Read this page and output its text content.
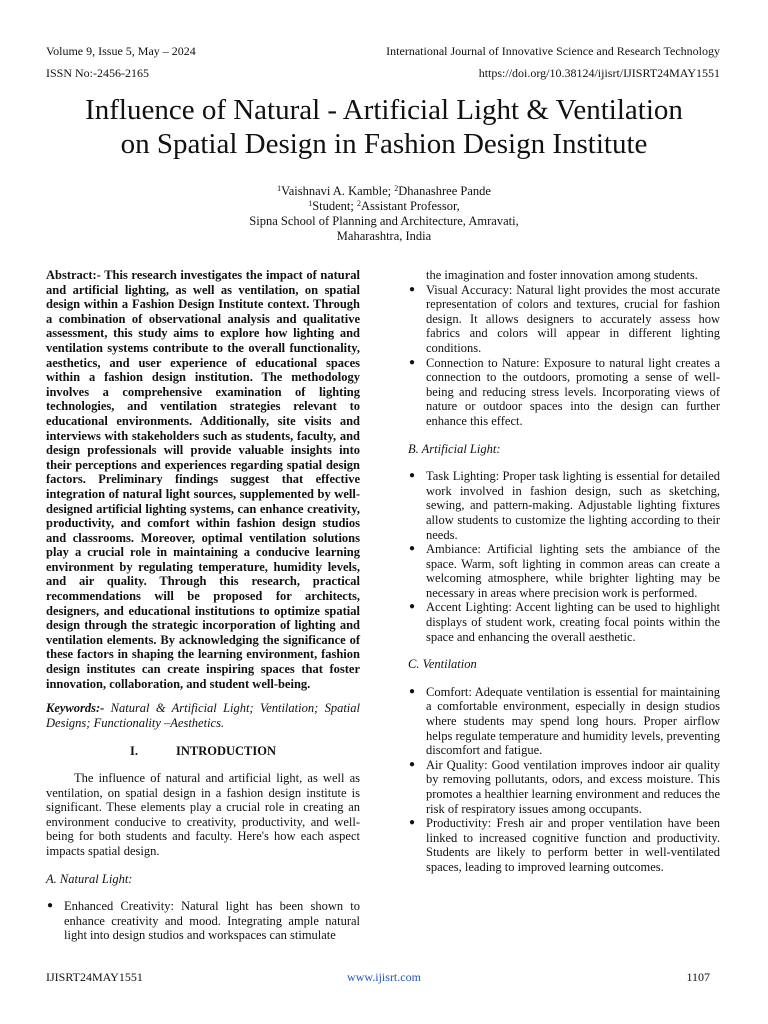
Volume 9, Issue 5, May – 2024	International Journal of Innovative Science and Research Technology
ISSN No:-2456-2165	https://doi.org/10.38124/ijisrt/IJISRT24MAY1551
Influence of Natural - Artificial Light & Ventilation
on Spatial Design in Fashion Design Institute
$^1$Vaishnavi A. Kamble; $^2$Dhanashree Pande
$^1$Student; $^2$Assistant Professor,
Sipna School of Planning and Architecture, Amravati,
Maharashtra, India

Abstract:- This research investigates the impact of natural and artificial lighting, as well as ventilation, on spatial design within a Fashion Design Institute context. Through a combination of observational analysis and qualitative assessment, this study aims to explore how lighting and ventilation systems contribute to the overall functionality, aesthetics, and user experience of educational spaces within a fashion design institution. The methodology involves a comprehensive examination of lighting technologies, and ventilation strategies relevant to educational environments. Additionally, site visits and interviews with stakeholders such as students, faculty, and design professionals will provide valuable insights into their perceptions and experiences regarding spatial design factors. Preliminary findings suggest that effective integration of natural light sources, supplemented by well-designed artificial lighting systems, can enhance creativity, productivity, and comfort within fashion design studios and classrooms. Moreover, optimal ventilation solutions play a crucial role in maintaining a conducive learning environment by regulating temperature, humidity levels, and air quality. Through this research, practical recommendations will be proposed for architects, designers, and educational institutions to optimize spatial design through the strategic incorporation of lighting and ventilation elements. By acknowledging the significance of these factors in shaping the learning environment, fashion design institutes can create inspiring spaces that foster innovation, collaboration, and student well-being.

Keywords:- Natural & Artificial Light; Ventilation; Spatial Designs; Functionality –Aesthetics.

I.	INTRODUCTION

The influence of natural and artificial light, as well as ventilation, on spatial design in a fashion design institute is significant. These elements play a crucial role in creating an environment conducive to creativity, productivity, and well- being for both students and faculty. Here's how each aspect impacts spatial design.

A. Natural Light:
● Enhanced Creativity: Natural light has been shown to enhance creativity and mood. Integrating ample natural light into design studios and workspaces can stimulate
the imagination and foster innovation among students.
● Visual Accuracy: Natural light provides the most accurate representation of colors and textures, crucial for fashion design. It allows designers to accurately assess how fabrics and colors will appear in different lighting conditions.
● Connection to Nature: Exposure to natural light creates a connection to the outdoors, promoting a sense of well-being and reducing stress levels. Incorporating views of nature or outdoor spaces into the design can further enhance this effect.
B. Artificial Light:
● Task Lighting: Proper task lighting is essential for detailed work involved in fashion design, such as sketching, sewing, and pattern-making. Adjustable lighting fixtures allow students to customize the lighting according to their needs.
● Ambiance: Artificial lighting sets the ambiance of the space. Warm, soft lighting in common areas can create a welcoming atmosphere, while brighter lighting may be necessary in areas where precision work is performed.
● Accent Lighting: Accent lighting can be used to highlight displays of student work, creating focal points within the space and enhancing the overall aesthetic.
C. Ventilation
● Comfort: Adequate ventilation is essential for maintaining a comfortable environment, especially in design studios where students may spend long hours. Proper airflow helps regulate temperature and humidity levels, preventing discomfort and fatigue.
● Air Quality: Good ventilation improves indoor air quality by removing pollutants, odors, and excess moisture. This promotes a healthier learning environment and reduces the risk of respiratory issues among occupants.
● Productivity: Fresh air and proper ventilation have been linked to increased cognitive function and productivity. Students are likely to perform better in well-ventilated spaces, leading to improved learning outcomes.
IJISRT24MAY1551	www.ijisrt.com	1107
